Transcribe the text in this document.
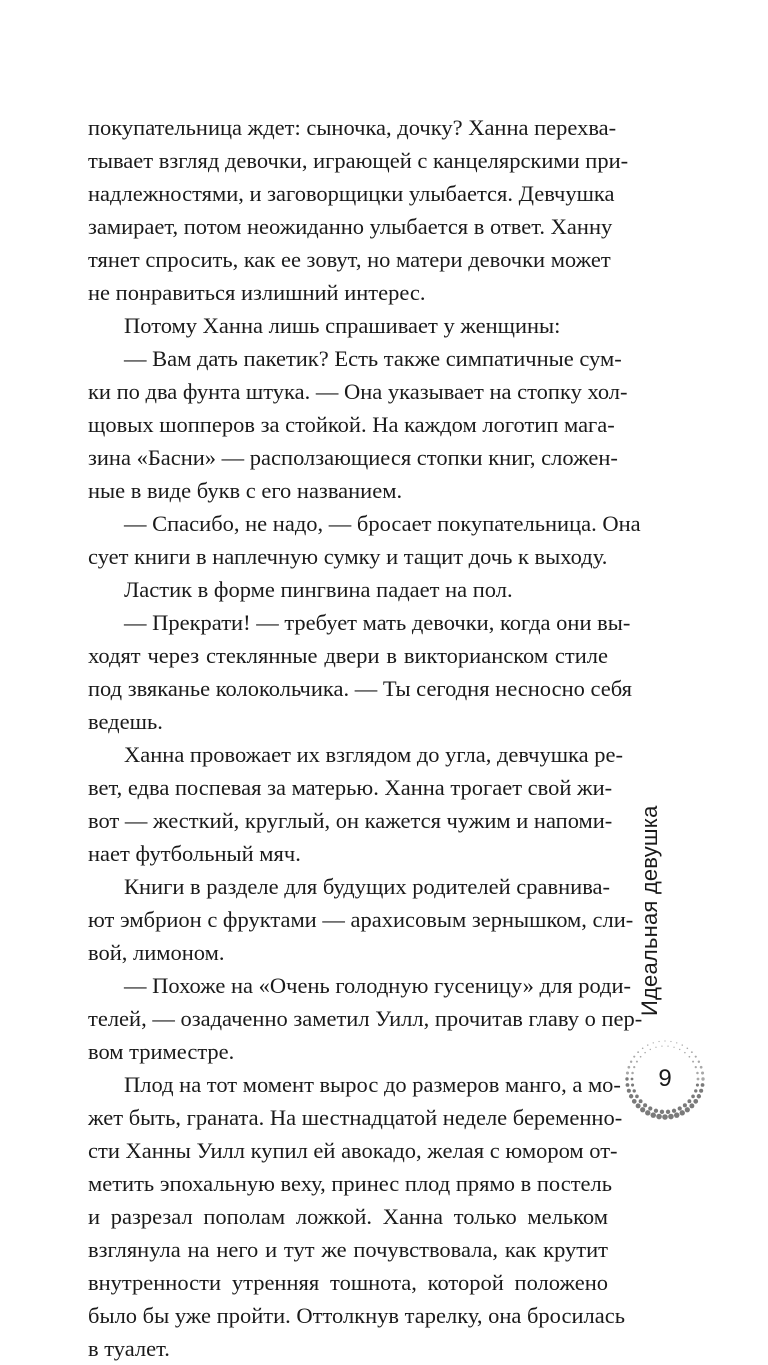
покупательница ждет: сыночка, дочку? Ханна перехва-
тывает взгляд девочки, играющей с канцелярскими при-
надлежностями, и заговорщицки улыбается. Девчушка
замирает, потом неожиданно улыбается в ответ. Ханну
тянет спросить, как ее зовут, но матери девочки может
не понравиться излишний интерес.
Потому Ханна лишь спрашивает у женщины:
— Вам дать пакетик? Есть также симпатичные сум-
ки по два фунта штука. — Она указывает на стопку хол-
щовых шопперов за стойкой. На каждом логотип мага-
зина «Басни» — расползающиеся стопки книг, сложен-
ные в виде букв с его названием.
— Спасибо, не надо, — бросает покупательница. Она
сует книги в наплечную сумку и тащит дочь к выходу.
Ластик в форме пингвина падает на пол.
— Прекрати! — требует мать девочки, когда они вы-
ходят через стеклянные двери в викторианском стиле
под звяканье колокольчика. — Ты сегодня несносно себя
ведешь.
Ханна провожает их взглядом до угла, девчушка ре-
вет, едва поспевая за матерью. Ханна трогает свой жи-
вот — жесткий, круглый, он кажется чужим и напоми-
нает футбольный мяч.
Книги в разделе для будущих родителей сравнива-
ют эмбрион с фруктами — арахисовым зернышком, сли-
вой, лимоном.
— Похоже на «Очень голодную гусеницу» для роди-
телей, — озадаченно заметил Уилл, прочитав главу о пер-
вом триместре.
Плод на тот момент вырос до размеров манго, а мо-
жет быть, граната. На шестнадцатой неделе беременно-
сти Ханны Уилл купил ей авокадо, желая с юмором от-
метить эпохальную веху, принес плод прямо в постель
и разрезал пополам ложкой. Ханна только мельком
взглянула на него и тут же почувствовала, как крутит
внутренности утренняя тошнота, которой положено
было бы уже пройти. Оттолкнув тарелку, она бросилась
в туалет.
Идеальная девушка
9
